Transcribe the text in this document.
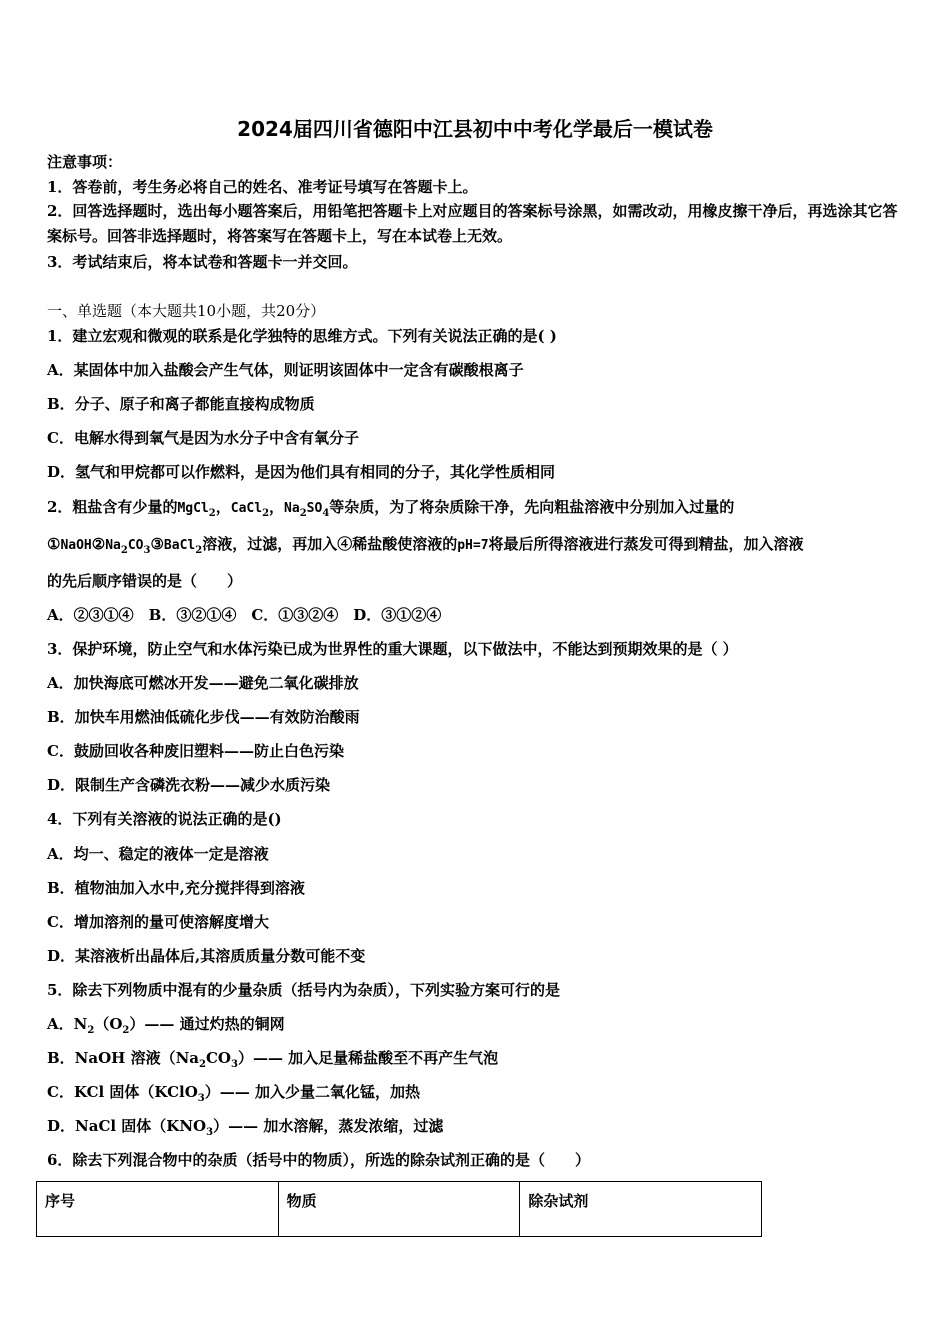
2024届四川省德阳中江县初中中考化学最后一模试卷
注意事项：
1．答卷前，考生务必将自己的姓名、准考证号填写在答题卡上。
2．回答选择题时，选出每小题答案后，用铅笔把答题卡上对应题目的答案标号涂黑，如需改动，用橡皮擦干净后，再选涂其它答案标号。回答非选择题时，将答案写在答题卡上，写在本试卷上无效。
3．考试结束后，将本试卷和答题卡一并交回。
一、单选题（本大题共10小题，共20分）
1．建立宏观和微观的联系是化学独特的思维方式。下列有关说法正确的是( )
A．某固体中加入盐酸会产生气体，则证明该固体中一定含有碳酸根离子
B．分子、原子和离子都能直接构成物质
C．电解水得到氧气是因为水分子中含有氧分子
D．氢气和甲烷都可以作燃料，是因为他们具有相同的分子，其化学性质相同
2．粗盐含有少量的MgCl$_2$，CaCl$_2$，$Na_2SO_4$等杂质，为了将杂质除干净，先向粗盐溶液中分别加入过量的
$①NaOH②Na_2CO_3③BaCl_2$溶液，过滤，再加入④稀盐酸使溶液的pH=7将最后所得溶液进行蒸发可得到精盐，加入溶液
的先后顺序错误的是（　　）
A．②③①④　B．③②①④　C．①③②④　D．③①②④
3．保护环境，防止空气和水体污染已成为世界性的重大课题，以下做法中，不能达到预期效果的是（ ）
A．加快海底可燃冰开发——避免二氧化碳排放
B．加快车用燃油低硫化步伐——有效防治酸雨
C．鼓励回收各种废旧塑料——防止白色污染
D．限制生产含磷洗衣粉——减少水质污染
4．下列有关溶液的说法正确的是()
A．均一、稳定的液体一定是溶液
B．植物油加入水中,充分搅拌得到溶液
C．增加溶剂的量可使溶解度增大
D．某溶液析出晶体后,其溶质质量分数可能不变
5．除去下列物质中混有的少量杂质（括号内为杂质），下列实验方案可行的是
A．$N_2(O_2)——$ 通过灼热的铜网
B．NaOH 溶液$(Na_2CO_3)——$ 加入足量稀盐酸至不再产生气泡
C．KCl 固体（KClO$_3$）—— 加入少量二氧化锰，加热
D．NaCl 固体$(KNO_3)——$ 加水溶解，蒸发浓缩，过滤
6．除去下列混合物中的杂质（括号中的物质），所选的除杂试剂正确的是（　　）
序号	物质	除杂试剂
